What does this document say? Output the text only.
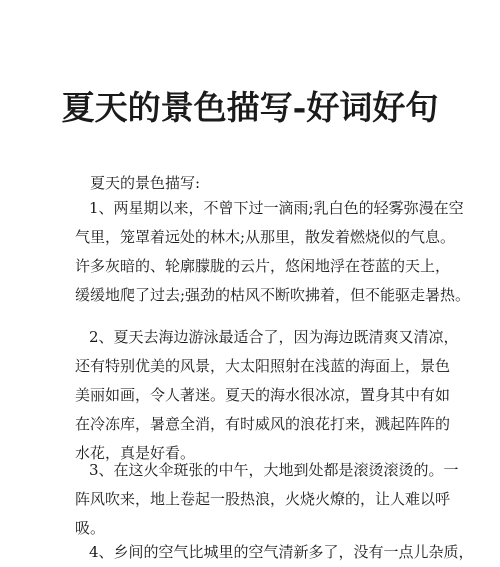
夏天的景色描写-好词好句
夏天的景色描写:
1、两星期以来，不曾下过一滴雨;乳白色的轻雾弥漫在空
气里，笼罩着远处的林木;从那里，散发着燃烧似的气息。
许多灰暗的、轮廓朦胧的云片，悠闲地浮在苍蓝的天上，
缓缓地爬了过去;强劲的枯风不断吹拂着，但不能驱走暑热。
2、夏天去海边游泳最适合了，因为海边既清爽又清凉，
还有特别优美的风景，大太阳照射在浅蓝的海面上，景色
美丽如画，令人著迷。夏天的海水很冰凉，置身其中有如
在冷冻库，暑意全消，有时威风的浪花打来，溅起阵阵的
水花，真是好看。
3、在这火伞斑张的中午，大地到处都是滚烫滚烫的。一
阵风吹来，地上卷起一股热浪，火烧火燎的，让人难以呼
吸。
4、乡间的空气比城里的空气清新多了，没有一点儿杂质，
